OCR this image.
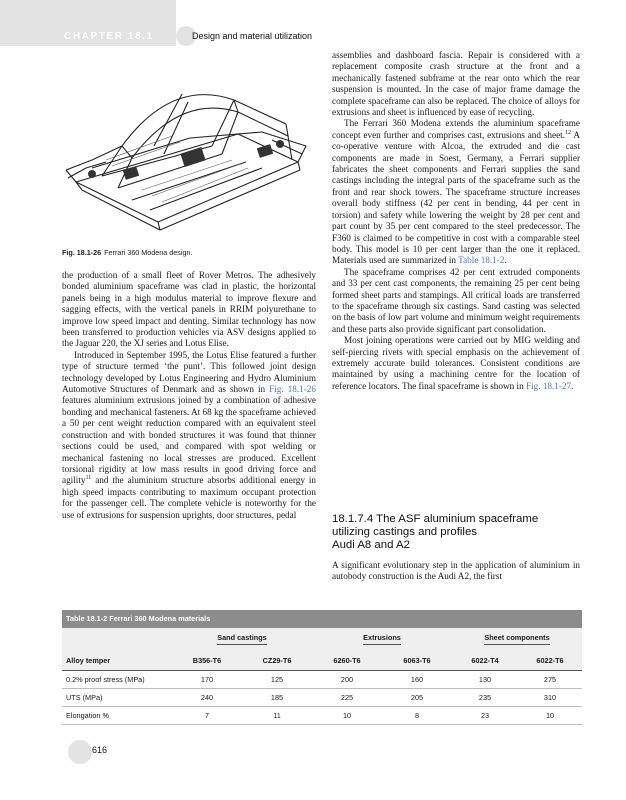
CHAPTER 18.1	Design and material utilization
Fig. 18.1-26 Ferrari 360 Modena design.

the production of a small fleet of Rover Metros. The adhesively bonded aluminium spaceframe was clad in plastic, the horizontal panels being in a high modulus material to improve flexure and sagging effects, with the vertical panels in RRIM polyurethane to improve low speed impact and denting. Similar technology has now been transferred to production vehicles via ASV designs applied to the Jaguar 220, the XJ series and Lotus Elise.

Introduced in September 1995, the Lotus Elise featured a further type of structure termed ‘the punt’. This followed joint design technology developed by Lotus Engineering and Hydro Aluminium Automotive Structures of Denmark and as shown in Fig. 18.1-26 features aluminium extrusions joined by a combination of adhesive bonding and mechanical fasteners. At 68 kg the spaceframe achieved a 50 per cent weight reduction compared with an equivalent steel construction and with bonded structures it was found that thinner sections could be used, and compared with spot welding or mechanical fastening no local stresses are produced. Excellent torsional rigidity at low mass results in good driving force and agility$^{11}$ and the aluminium structure absorbs additional energy in high speed impacts contributing to maximum occupant protection for the passenger cell. The complete vehicle is noteworthy for the use of extrusions for suspension uprights, door structures, pedal

assemblies and dashboard fascia. Repair is considered with a replacement composite crash structure at the front and a mechanically fastened subframe at the rear onto which the rear suspension is mounted. In the case of major frame damage the complete spaceframe can also be replaced. The choice of alloys for extrusions and sheet is influenced by ease of recycling.

The Ferrari 360 Modena extends the aluminium spaceframe concept even further and comprises cast, extrusions and sheet.$^{12}$ A co-operative venture with Alcoa, the extruded and die cast components are made in Soest, Germany, a Ferrari supplier fabricates the sheet components and Ferrari supplies the sand castings including the integral parts of the spaceframe such as the front and rear shock towers. The spaceframe structure increases overall body stiffness (42 per cent in bending, 44 per cent in torsion) and safety while lowering the weight by 28 per cent and part count by 35 per cent compared to the steel predecessor. The F360 is claimed to be competitive in cost with a comparable steel body. This model is 10 per cent larger than the one it replaced. Materials used are summarized in Table 18.1-2.

The spaceframe comprises 42 per cent extruded components and 33 per cent cast components, the remaining 25 per cent being formed sheet parts and stampings. All critical loads are transferred to the spaceframe through six castings. Sand casting was selected on the basis of low part volume and minimum weight requirements and these parts also provide significant part consolidation.

Most joining operations were carried out by MIG welding and self-piercing rivets with special emphasis on the achievement of extremely accurate build tolerances. Consistent conditions are maintained by using a machining centre for the location of reference locators. The final spaceframe is shown in Fig. 18.1-27.

18.1.7.4 The ASF aluminium spaceframe
utilizing castings and profiles
Audi A8 and A2

A significant evolutionary step in the application of aluminium in autobody construction is the Audi A2, the first

Table 18.1-2 Ferrari 360 Modena materials
	Sand castings		Extrusions		Sheet components	
Alloy temper	B356-T6	CZ29-T6	6260-T6	6063-T6	6022-T4	6022-T6
0.2% proof stress (MPa)	170	125	200	160	130	275
UTS (MPa)	240	185	225	205	235	310
Elongation %	7	11	10	8	23	10
616
